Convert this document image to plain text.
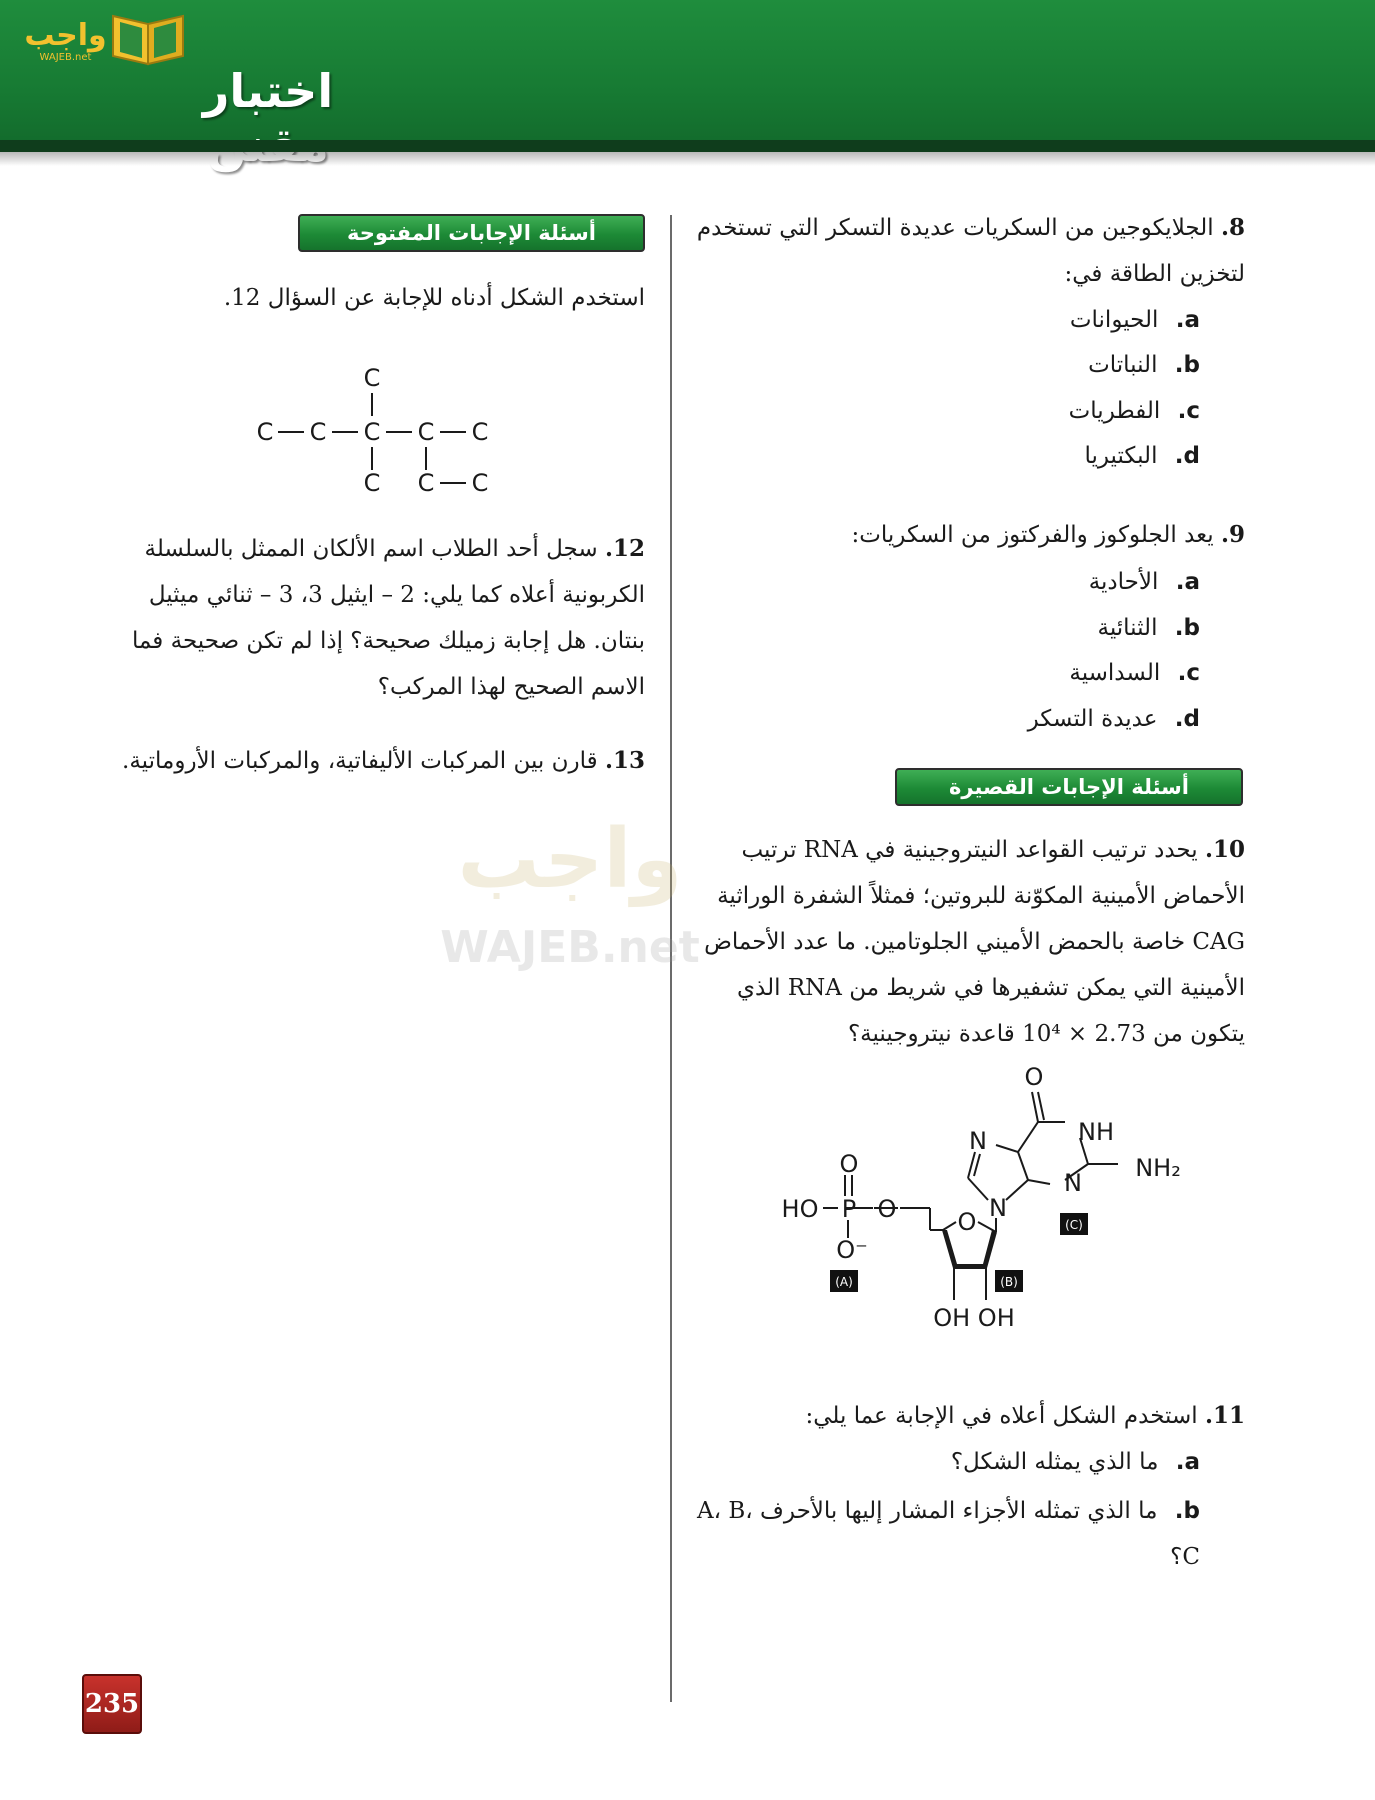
واجب
WAJEB.net
اختبار
واجب
WAJEB.net
أسئلة الإجابات المفتوحة
استخدم الشكل أدناه للإجابة عن السؤال 12.
C
C C C C C
C C C
12. سجل أحد الطلاب اسم الألكان الممثل بالسلسلة الكربونية أعلاه كما يلي: 2 – ايثيل 3، 3 – ثنائي ميثيل بنتان. هل إجابة زميلك صحيحة؟ إذا لم تكن صحيحة فما الاسم الصحيح لهذا المركب؟
13. قارن بين المركبات الأليفاتية، والمركبات الأروماتية.
8. الجلايكوجين من السكريات عديدة التسكر التي تستخدم لتخزين الطاقة في:
a. الحيوانات
b. النباتات
c. الفطريات
d. البكتيريا
9. يعد الجلوكوز والفركتوز من السكريات:
a. الأحادية
b. الثنائية
c. السداسية
d. عديدة التسكر
أسئلة الإجابات القصيرة
10. يحدد ترتيب القواعد النيتروجينية في RNA ترتيب الأحماض الأمينية المكوّنة للبروتين؛ فمثلاً الشفرة الوراثية CAG خاصة بالحمض الأميني الجلوتامين. ما عدد الأحماض الأمينية التي يمكن تشفيرها في شريط من RNA الذي يتكون من 2.73 × 10⁴ قاعدة نيتروجينية؟
HO P
O
O
O⁻
O N
N
N
NH
O
NH₂
OH OH
(A)	(B)
(C)
11. استخدم الشكل أعلاه في الإجابة عما يلي:
a. ما الذي يمثله الشكل؟
b. ما الذي تمثله الأجزاء المشار إليها بالأحرف A، B، C؟
235
